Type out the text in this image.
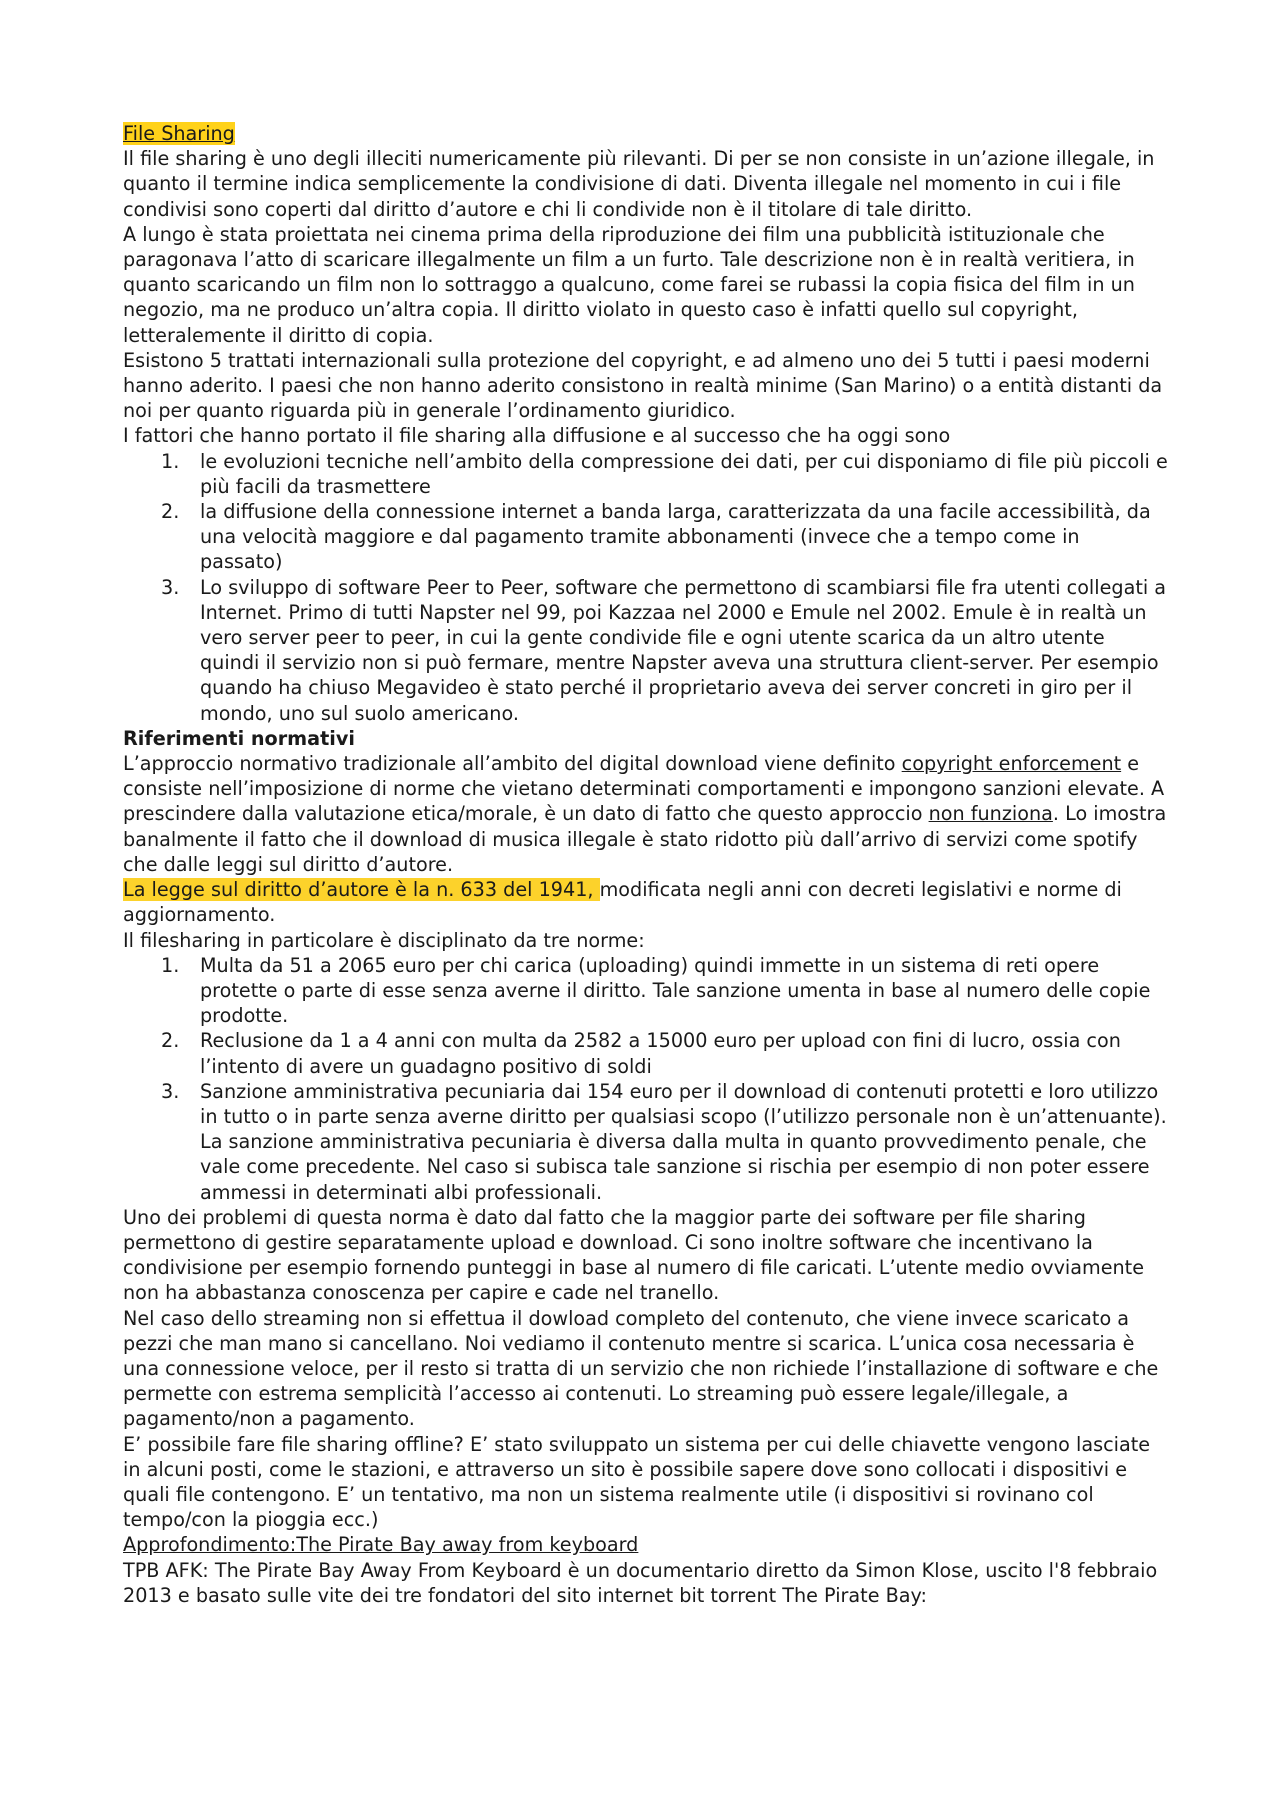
File Sharing

Il file sharing è uno degli illeciti numericamente più rilevanti. Di per se non consiste in un’azione illegale, in quanto il termine indica semplicemente la condivisione di dati. Diventa illegale nel momento in cui i file condivisi sono coperti dal diritto d’autore e chi li condivide non è il titolare di tale diritto.

A lungo è stata proiettata nei cinema prima della riproduzione dei film una pubblicità istituzionale che paragonava l’atto di scaricare illegalmente un film a un furto. Tale descrizione non è in realtà veritiera, in quanto scaricando un film non lo sottraggo a qualcuno, come farei se rubassi la copia fisica del film in un negozio, ma ne produco un’altra copia. Il diritto violato in questo caso è infatti quello sul copyright, letteralemente il diritto di copia.

Esistono 5 trattati internazionali sulla protezione del copyright, e ad almeno uno dei 5 tutti i paesi moderni hanno aderito. I paesi che non hanno aderito consistono in realtà minime (San Marino) o a entità distanti da noi per quanto riguarda più in generale l’ordinamento giuridico.

I fattori che hanno portato il file sharing alla diffusione e al successo che ha oggi sono

1. le evoluzioni tecniche nell’ambito della compressione dei dati, per cui disponiamo di file più piccoli e più facili da trasmettere
2. la diffusione della connessione internet a banda larga, caratterizzata da una facile accessibilità, da una velocità maggiore e dal pagamento tramite abbonamenti (invece che a tempo come in passato)
3. Lo sviluppo di software Peer to Peer, software che permettono di scambiarsi file fra utenti collegati a Internet. Primo di tutti Napster nel 99, poi Kazzaa nel 2000 e Emule nel 2002. Emule è in realtà un vero server peer to peer, in cui la gente condivide file e ogni utente scarica da un altro utente quindi il servizio non si può fermare, mentre Napster aveva una struttura client-server. Per esempio quando ha chiuso Megavideo è stato perché il proprietario aveva dei server concreti in giro per il mondo, uno sul suolo americano.

Riferimenti normativi

L’approccio normativo tradizionale all’ambito del digital download viene definito copyright enforcement e consiste nell’imposizione di norme che vietano determinati comportamenti e impongono sanzioni elevate. A prescindere dalla valutazione etica/morale, è un dato di fatto che questo approccio non funziona. Lo imostra banalmente il fatto che il download di musica illegale è stato ridotto più dall’arrivo di servizi come spotify che dalle leggi sul diritto d’autore.

La legge sul diritto d’autore è la n. 633 del 1941, modificata negli anni con decreti legislativi e norme di aggiornamento.

Il filesharing in particolare è disciplinato da tre norme:

1. Multa da 51 a 2065 euro per chi carica (uploading) quindi immette in un sistema di reti opere protette o parte di esse senza averne il diritto. Tale sanzione umenta in base al numero delle copie prodotte.
2. Reclusione da 1 a 4 anni con multa da 2582 a 15000 euro per upload con fini di lucro, ossia con l’intento di avere un guadagno positivo di soldi
3. Sanzione amministrativa pecuniaria dai 154 euro per il download di contenuti protetti e loro utilizzo in tutto o in parte senza averne diritto per qualsiasi scopo (l’utilizzo personale non è un’attenuante). La sanzione amministrativa pecuniaria è diversa dalla multa in quanto provvedimento penale, che vale come precedente. Nel caso si subisca tale sanzione si rischia per esempio di non poter essere ammessi in determinati albi professionali.

Uno dei problemi di questa norma è dato dal fatto che la maggior parte dei software per file sharing permettono di gestire separatamente upload e download. Ci sono inoltre software che incentivano la condivisione per esempio fornendo punteggi in base al numero di file caricati. L’utente medio ovviamente non ha abbastanza conoscenza per capire e cade nel tranello.

Nel caso dello streaming non si effettua il dowload completo del contenuto, che viene invece scaricato a pezzi che man mano si cancellano. Noi vediamo il contenuto mentre si scarica. L’unica cosa necessaria è una connessione veloce, per il resto si tratta di un servizio che non richiede l’installazione di software e che permette con estrema semplicità l’accesso ai contenuti. Lo streaming può essere legale/illegale, a pagamento/non a pagamento.

E’ possibile fare file sharing offline? E’ stato sviluppato un sistema per cui delle chiavette vengono lasciate in alcuni posti, come le stazioni, e attraverso un sito è possibile sapere dove sono collocati i dispositivi e quali file contengono. E’ un tentativo, ma non un sistema realmente utile (i dispositivi si rovinano col tempo/con la pioggia ecc.)

Approfondimento:The Pirate Bay away from keyboard

TPB AFK: The Pirate Bay Away From Keyboard è un documentario diretto da Simon Klose, uscito l'8 febbraio 2013 e basato sulle vite dei tre fondatori del sito internet bit torrent The Pirate Bay:
